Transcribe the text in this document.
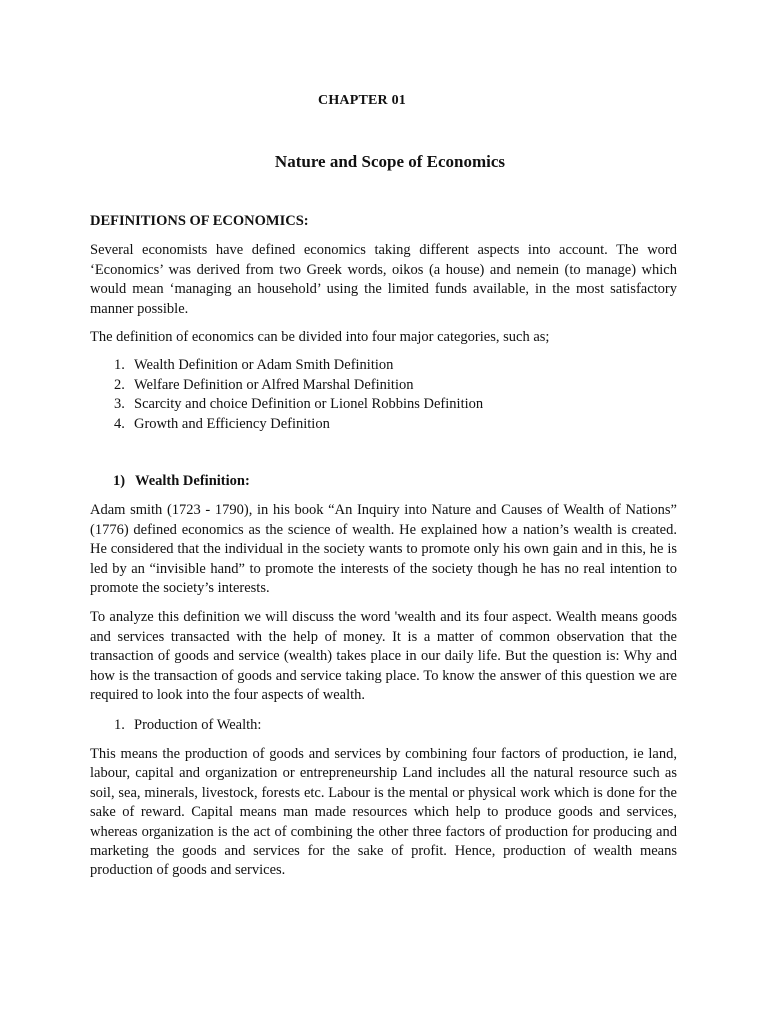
CHAPTER 01
Nature and Scope of Economics
DEFINITIONS OF ECONOMICS:

Several economists have defined economics taking different aspects into account. The word ‘Economics’ was derived from two Greek words, oikos (a house) and nemein (to manage) which would mean ‘managing an household’ using the limited funds available, in the most satisfactory manner possible.

The definition of economics can be divided into four major categories, such as;

1. Wealth Definition or Adam Smith Definition
2. Welfare Definition or Alfred Marshal Definition
3. Scarcity and choice Definition or Lionel Robbins Definition
4. Growth and Efficiency Definition
1) Wealth Definition:

Adam smith (1723 - 1790), in his book “An Inquiry into Nature and Causes of Wealth of Nations” (1776) defined economics as the science of wealth. He explained how a nation’s wealth is created. He considered that the individual in the society wants to promote only his own gain and in this, he is led by an “invisible hand” to promote the interests of the society though he has no real intention to promote the society’s interests.

To analyze this definition we will discuss the word 'wealth and its four aspect. Wealth means goods and services transacted with the help of money. It is a matter of common observation that the transaction of goods and service (wealth) takes place in our daily life. But the question is: Why and how is the transaction of goods and service taking place. To know the answer of this question we are required to look into the four aspects of wealth.

1. Production of Wealth:

This means the production of goods and services by combining four factors of production, ie land, labour, capital and organization or entrepreneurship Land includes all the natural resource such as soil, sea, minerals, livestock, forests etc. Labour is the mental or physical work which is done for the sake of reward. Capital means man made resources which help to produce goods and services, whereas organization is the act of combining the other three factors of production for producing and marketing the goods and services for the sake of profit. Hence, production of wealth means production of goods and services.
